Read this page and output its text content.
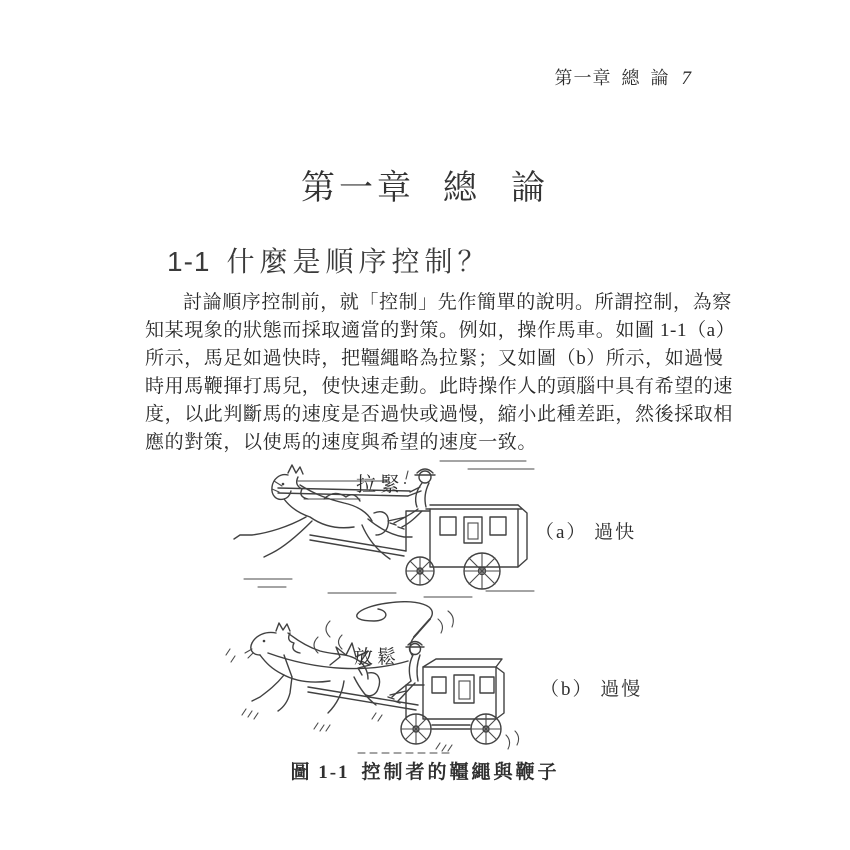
第一章 總 論 7
第一章 總 論
1-1 什麼是順序控制？
討論順序控制前，就「控制」先作簡單的說明。所謂控制，為察
知某現象的狀態而採取適當的對策。例如，操作馬車。如圖 1-1（a）
所示，馬足如過快時，把韁繩略為拉緊；又如圖（b）所示，如過慢
時用馬鞭揮打馬兒，使快速走動。此時操作人的頭腦中具有希望的速
度，以此判斷馬的速度是否過快或過慢，縮小此種差距，然後採取相
應的對策，以使馬的速度與希望的速度一致。
拉緊
（a） 過快
放鬆
（b） 過慢
圖 1-1 控制者的韁繩與鞭子
